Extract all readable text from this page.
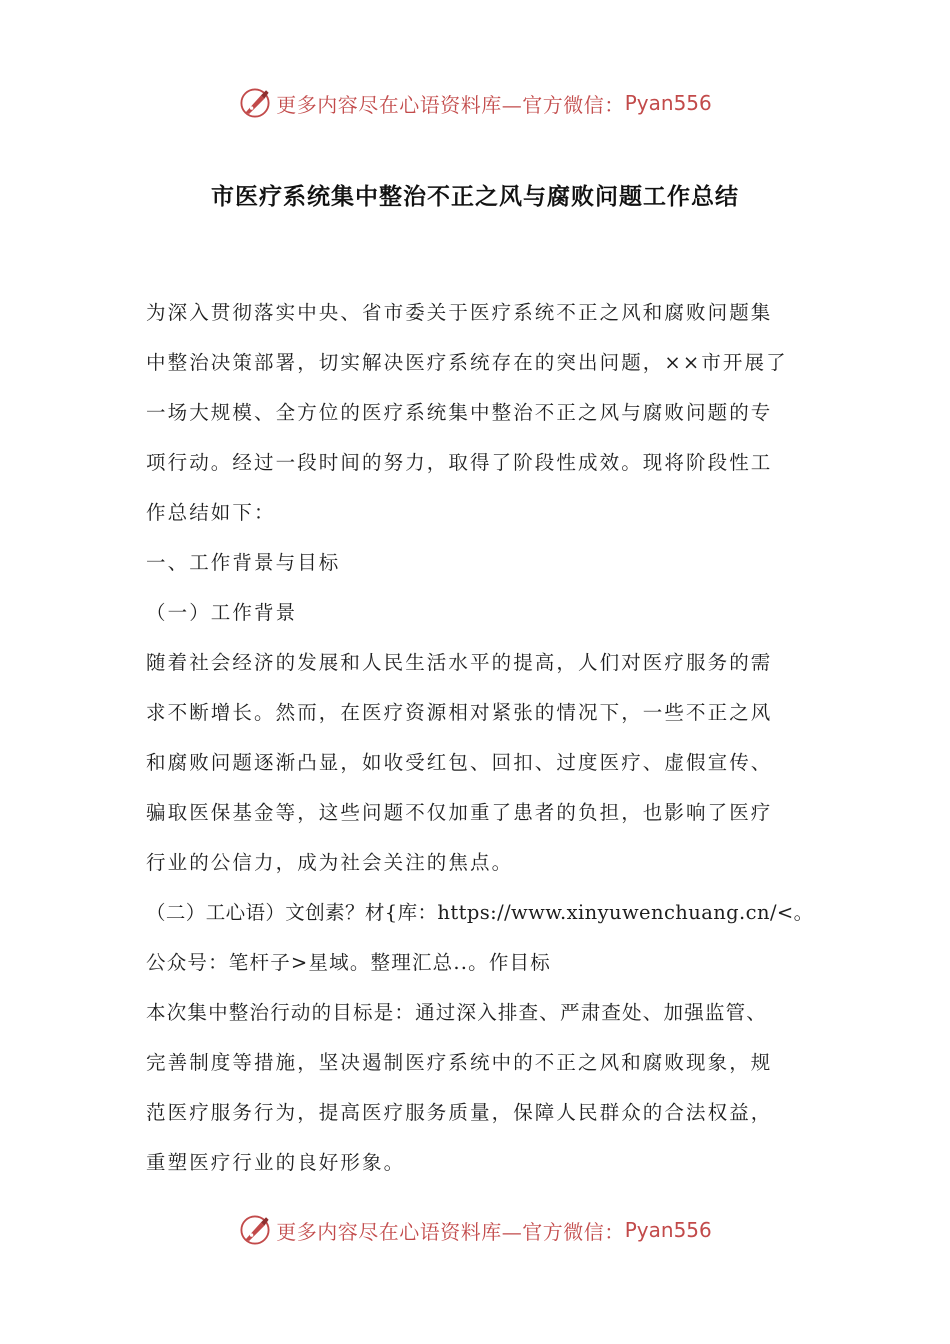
更多内容尽在心语资料库—官方微信： Pyan556
市医疗系统集中整治不正之风与腐败问题工作总结
为深入贯彻落实中央、省市委关于医疗系统不正之风和腐败问题集
中整治决策部署，切实解决医疗系统存在的突出问题，××市开展了
一场大规模、全方位的医疗系统集中整治不正之风与腐败问题的专
项行动。经过一段时间的努力，取得了阶段性成效。现将阶段性工
作总结如下：
一、工作背景与目标
（一）工作背景
随着社会经济的发展和人民生活水平的提高，人们对医疗服务的需
求不断增长。然而，在医疗资源相对紧张的情况下，一些不正之风
和腐败问题逐渐凸显，如收受红包、回扣、过度医疗、虚假宣传、
骗取医保基金等，这些问题不仅加重了患者的负担，也影响了医疗
行业的公信力，成为社会关注的焦点。
（二）工心语）文创素？材{库：https://www.xinyuwenchuang.cn/<。
公众号：笔杆子>星域。整理汇总..。作目标
本次集中整治行动的目标是：通过深入排查、严肃查处、加强监管、
完善制度等措施，坚决遏制医疗系统中的不正之风和腐败现象，规
范医疗服务行为，提高医疗服务质量，保障人民群众的合法权益，
重塑医疗行业的良好形象。
更多内容尽在心语资料库—官方微信： Pyan556
